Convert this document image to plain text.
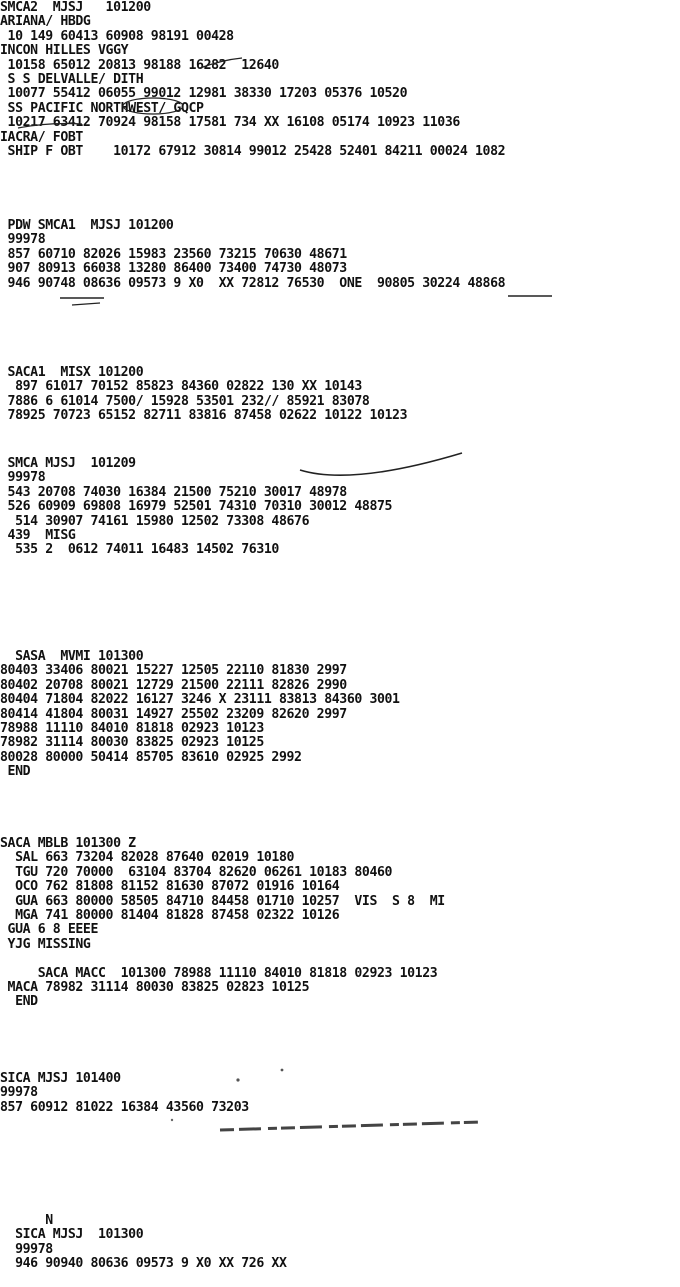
SMCA2  MJSJ   101200
ARIANA/ HBDG
10 149 60413 60908 98191 00428
INCON HILLES VGGY
10158 65012 20813 98188 16282  12640
S S DELVALLE/ DITH
10077 55412 06055 99012 12981 38330 17203 05376 10520
SS PACIFIC NORTHWEST/ GQCP
10217 63412 70924 98158 17581 734 XX 16108 05174 10923 11036
IACRA/ FOBT
SHIP F OBT    10172 67912 30814 99012 25428 52401 84211 00024 1082
PDW SMCA1  MJSJ 101200
99978
857 60710 82026 15983 23560 73215 70630 48671
907 80913 66038 13280 86400 73400 74730 48073
946 90748 08636 09573 9 X0  XX 72812 76530  ONE  90805 30224 48868
SACA1  MISX 101200
897 61017 70152 85823 84360 02822 130 XX 10143
7886 6 61014 7500/ 15928 53501 232// 85921 83078
78925 70723 65152 82711 83816 87458 02622 10122 10123
SMCA MJSJ  101209
99978
543 20708 74030 16384 21500 75210 30017 48978
526 60909 69808 16979 52501 74310 70310 30012 48875
514 30907 74161 15980 12502 73308 48676
439  MISG
535 2  0612 74011 16483 14502 76310
SASA  MVMI 101300
80403 33406 80021 15227 12505 22110 81830 2997
80402 20708 80021 12729 21500 22111 82826 2990
80404 71804 82022 16127 3246 X 23111 83813 84360 3001
80414 41804 80031 14927 25502 23209 82620 2997
78988 11110 84010 81818 02923 10123
78982 31114 80030 83825 02923 10125
80028 80000 50414 85705 83610 02925 2992
END
SACA MBLB 101300 Z
SAL 663 73204 82028 87640 02019 10180
TGU 720 70000  63104 83704 82620 06261 10183 80460
OCO 762 81808 81152 81630 87072 01916 10164
GUA 663 80000 58505 84710 84458 01710 10257  VIS  S 8  MI
MGA 741 80000 81404 81828 87458 02322 10126
GUA 6 8 EEEE
YJG MISSING
SACA MACC  101300 78988 11110 84010 81818 02923 10123
MACA 78982 31114 80030 83825 02823 10125
END
SICA MJSJ 101400
99978
857 60912 81022 16384 43560 73203
N
SICA MJSJ  101300
99978
946 90940 80636 09573 9 X0 XX 726 XX
